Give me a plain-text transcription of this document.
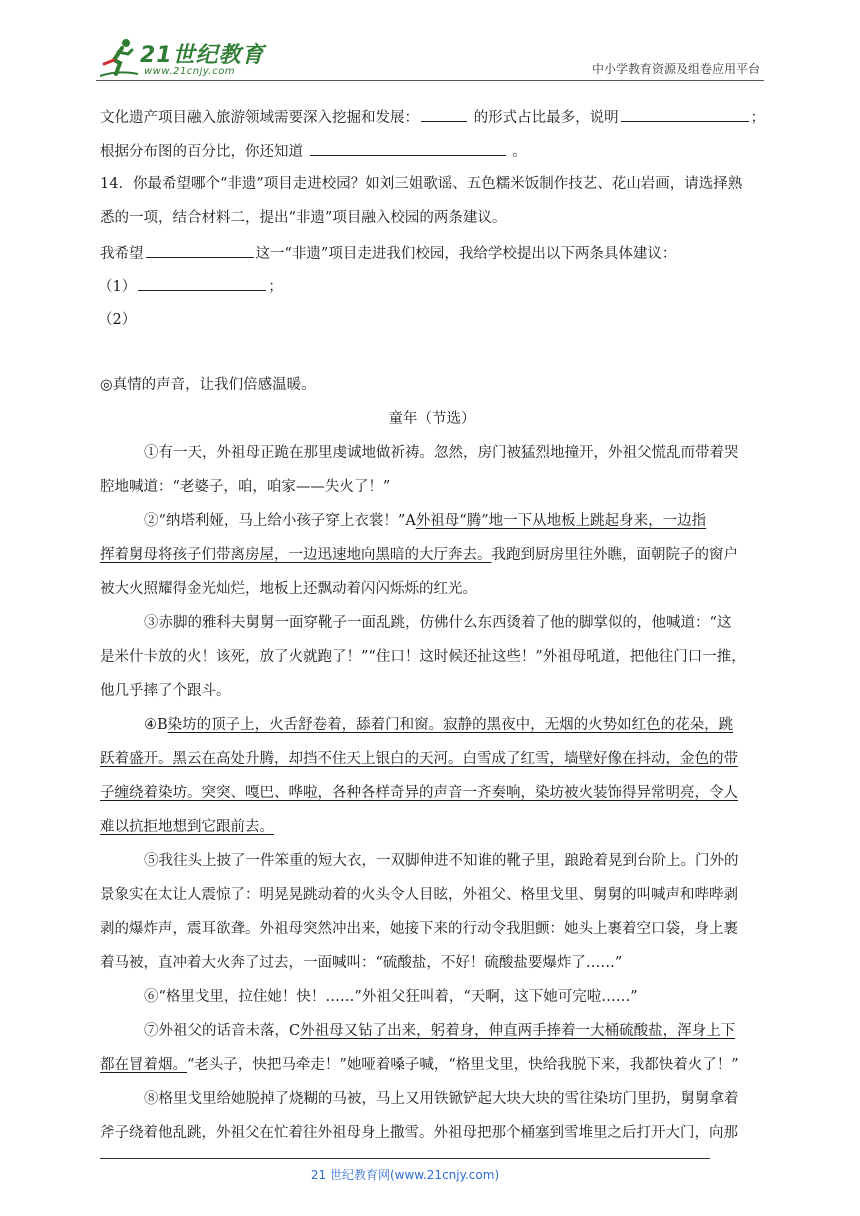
21世纪教育
www.21cnjy.com	中小学教育资源及组卷应用平台
文化遗产项目融入旅游领域需要深入挖掘和发展：	的形式占比最多，说明	；
根据分布图的百分比，你还知道	。
14．你最希望哪个“非遗”项目走进校园？如刘三姐歌谣、五色糯米饭制作技艺、花山岩画，请选择熟
悉的一项，结合材料二，提出“非遗”项目融入校园的两条建议。
我希望	这一“非遗”项目走进我们校园，我给学校提出以下两条具体建议：
（1）	；
（2）
◎真情的声音，让我们倍感温暖。
童年（节选）
①有一天，外祖母正跪在那里虔诚地做祈祷。忽然，房门被猛烈地撞开，外祖父慌乱而带着哭
腔地喊道：“老婆子，咱，咱家——失火了！”
②“纳塔利娅，马上给小孩子穿上衣裳！”A外祖母“腾”地一下从地板上跳起身来，一边指
挥着舅母将孩子们带离房屋，一边迅速地向黑暗的大厅奔去。我跑到厨房里往外瞧，面朝院子的窗户
被大火照耀得金光灿烂，地板上还飘动着闪闪烁烁的红光。
③赤脚的雅科夫舅舅一面穿靴子一面乱跳，仿佛什么东西烫着了他的脚掌似的，他喊道：“这
是米什卡放的火！该死，放了火就跑了！”“住口！这时候还扯这些！”外祖母吼道，把他往门口一推，
他几乎摔了个跟斗。
④B染坊的顶子上，火舌舒卷着，舔着门和窗。寂静的黑夜中，无烟的火势如红色的花朵，跳
跃着盛开。黑云在高处升腾，却挡不住天上银白的天河。白雪成了红雪，墙壁好像在抖动，金色的带
子缠绕着染坊。突突、嘎巴、哗啦，各种各样奇异的声音一齐奏响，染坊被火装饰得异常明亮，令人
难以抗拒地想到它跟前去。
⑤我往头上披了一件笨重的短大衣，一双脚伸进不知谁的靴子里，踉跄着晃到台阶上。门外的
景象实在太让人震惊了：明晃晃跳动着的火头令人目眩，外祖父、格里戈里、舅舅的叫喊声和哔哔剥
剥的爆炸声，震耳欲聋。外祖母突然冲出来，她接下来的行动令我胆颤：她头上裹着空口袋，身上裹
着马被，直冲着大火奔了过去，一面喊叫：“硫酸盐，不好！硫酸盐要爆炸了……”
⑥“格里戈里，拉住她！快！……”外祖父狂叫着，“天啊，这下她可完啦……”
⑦外祖父的话音未落，C外祖母又钻了出来，躬着身，伸直两手捧着一大桶硫酸盐，浑身上下
都在冒着烟。“老头子，快把马牵走！”她哑着嗓子喊，“格里戈里，快给我脱下来，我都快着火了！”
⑧格里戈里给她脱掉了烧糊的马被，马上又用铁锨铲起大块大块的雪往染坊门里扔，舅舅拿着
斧子绕着他乱跳，外祖父在忙着往外祖母身上撒雪。外祖母把那个桶塞到雪堆里之后打开大门，向那
21 世纪教育网(www.21cnjy.com)
